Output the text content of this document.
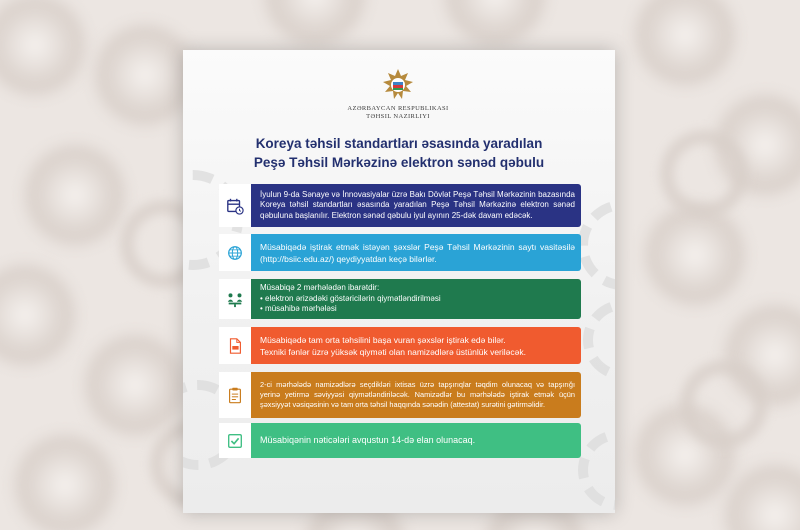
AZƏRBAYCAN RESPUBLIKASI
TƏHSIL NAZIRLIYI
Koreya təhsil standartları əsasında yaradılan
Peşə Təhsil Mərkəzinə elektron sənəd qəbulu

İyulun 9-da Sənaye və İnnovasiyalar üzrə Bakı Dövlət Peşə Təhsil Mərkəzinin bazasında Koreya təhsil standartları əsasında yaradılan Peşə Təhsil Mərkəzinə elektron sənəd qəbuluna başlanılır. Elektron sənəd qəbulu iyul ayının 25-dək davam edəcək.

Müsabiqədə iştirak etmək istəyən şəxslər Peşə Təhsil Mərkəzinin saytı vasitəsilə (http://bsiic.edu.az/) qeydiyyatdan keçə bilərlər.

Müsabiqə 2 mərhələdən ibarətdir:

• elektron ərizədəki göstəricilərin qiymətləndirilməsi

• müsahibə mərhələsi

Müsabiqədə tam orta təhsilini başa vuran şəxslər iştirak edə bilər.

Texniki fənlər üzrə yüksək qiyməti olan namizədlərə üstünlük veriləcək.

2-ci mərhələdə namizədlərə seçdikləri ixtisas üzrə tapşırıqlar təqdim olunacaq və tapşırığı yerinə yetirmə səviyyəsi qiymətləndiriləcək. Namizədlər bu mərhələdə iştirak etmək üçün şəxsiyyət vəsiqəsinin və tam orta təhsil haqqında sənədin (attestat) surətini gətirməlidir.

Müsabiqənin nəticələri avqustun 14-də elan olunacaq.
